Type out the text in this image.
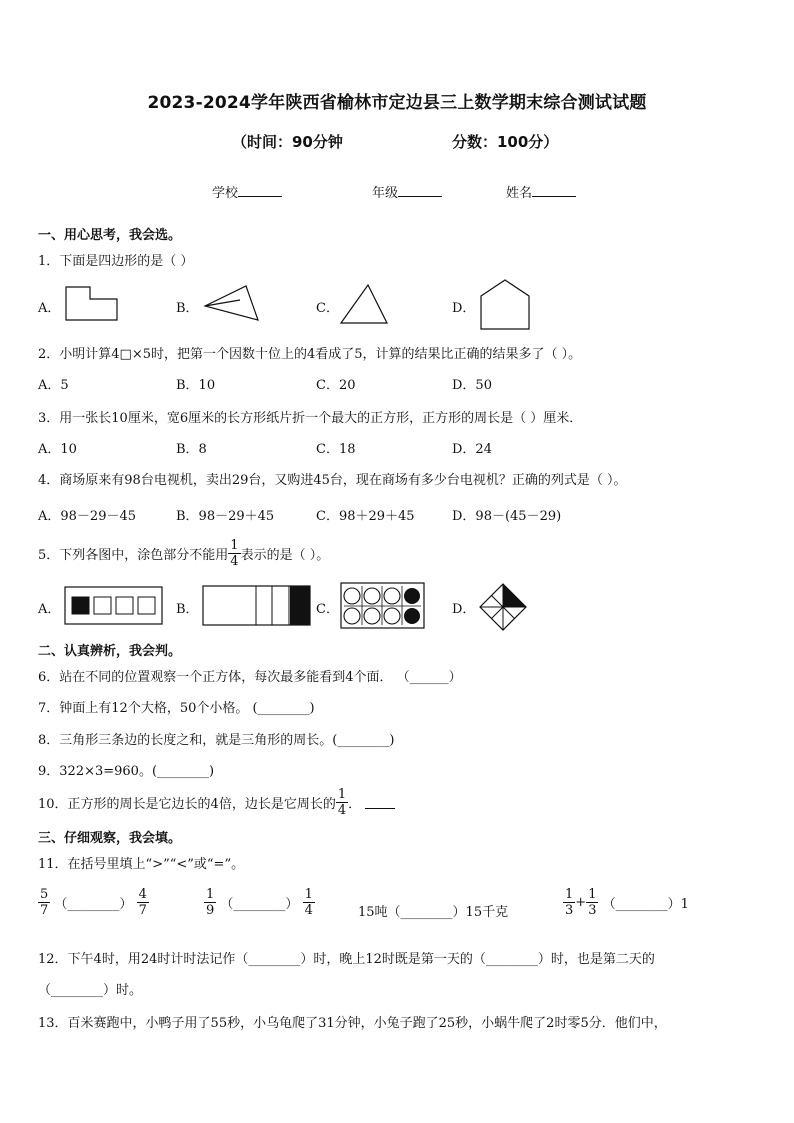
2023-2024学年陕西省榆林市定边县三上数学期末综合测试试题
（时间：90分钟	分数：100分）
学校	年级	姓名
一、用心思考，我会选。
1．下面是四边形的是（ ）
A．	B．	C．	D．
2．小明计算4□×5时，把第一个因数十位上的4看成了5，计算的结果比正确的结果多了（ ）。
A．5	B．10	C．20	D．50
3．用一张长10厘米，宽6厘米的长方形纸片折一个最大的正方形，正方形的周长是（ ）厘米．
A．10	B．8	C．18	D．24
4．商场原来有98台电视机，卖出29台，又购进45台，现在商场有多少台电视机？正确的列式是（ ）。
A．98－29－45	B．98－29＋45	C．98＋29＋45	D．98－(45－29)
5．下列各图中，涂色部分不能用 $\frac{1}{4}$ 表示的是（ ）。
A．	B．	C．	D．
二、认真辨析，我会判。
6．站在不同的位置观察一个正方体，每次最多能看到4个面． （______）
7．钟面上有12个大格，50个小格。 (________)
8．三角形三条边的长度之和，就是三角形的周长。(________)
9．322×3=960。(________)
10．正方形的周长是它边长的4倍，边长是它周长的 $\frac{1}{4}$ ．
三、仔细观察，我会填。
11．在括号里填上“>”“<”或“=”。
$\frac{5}{7}$ （________） $\frac{4}{7}$	$\frac{1}{9}$ （________） $\frac{1}{4}$	15吨（________）15千克	$\frac{1}{3} + \frac{1}{3}$ （________）1
12．下午4时，用24时计时法记作（________）时，晚上12时既是第一天的（________）时，也是第二天的
（________）时。
13．百米赛跑中，小鸭子用了55秒，小乌龟爬了31分钟，小兔子跑了25秒，小蜗牛爬了2时零5分．他们中，
